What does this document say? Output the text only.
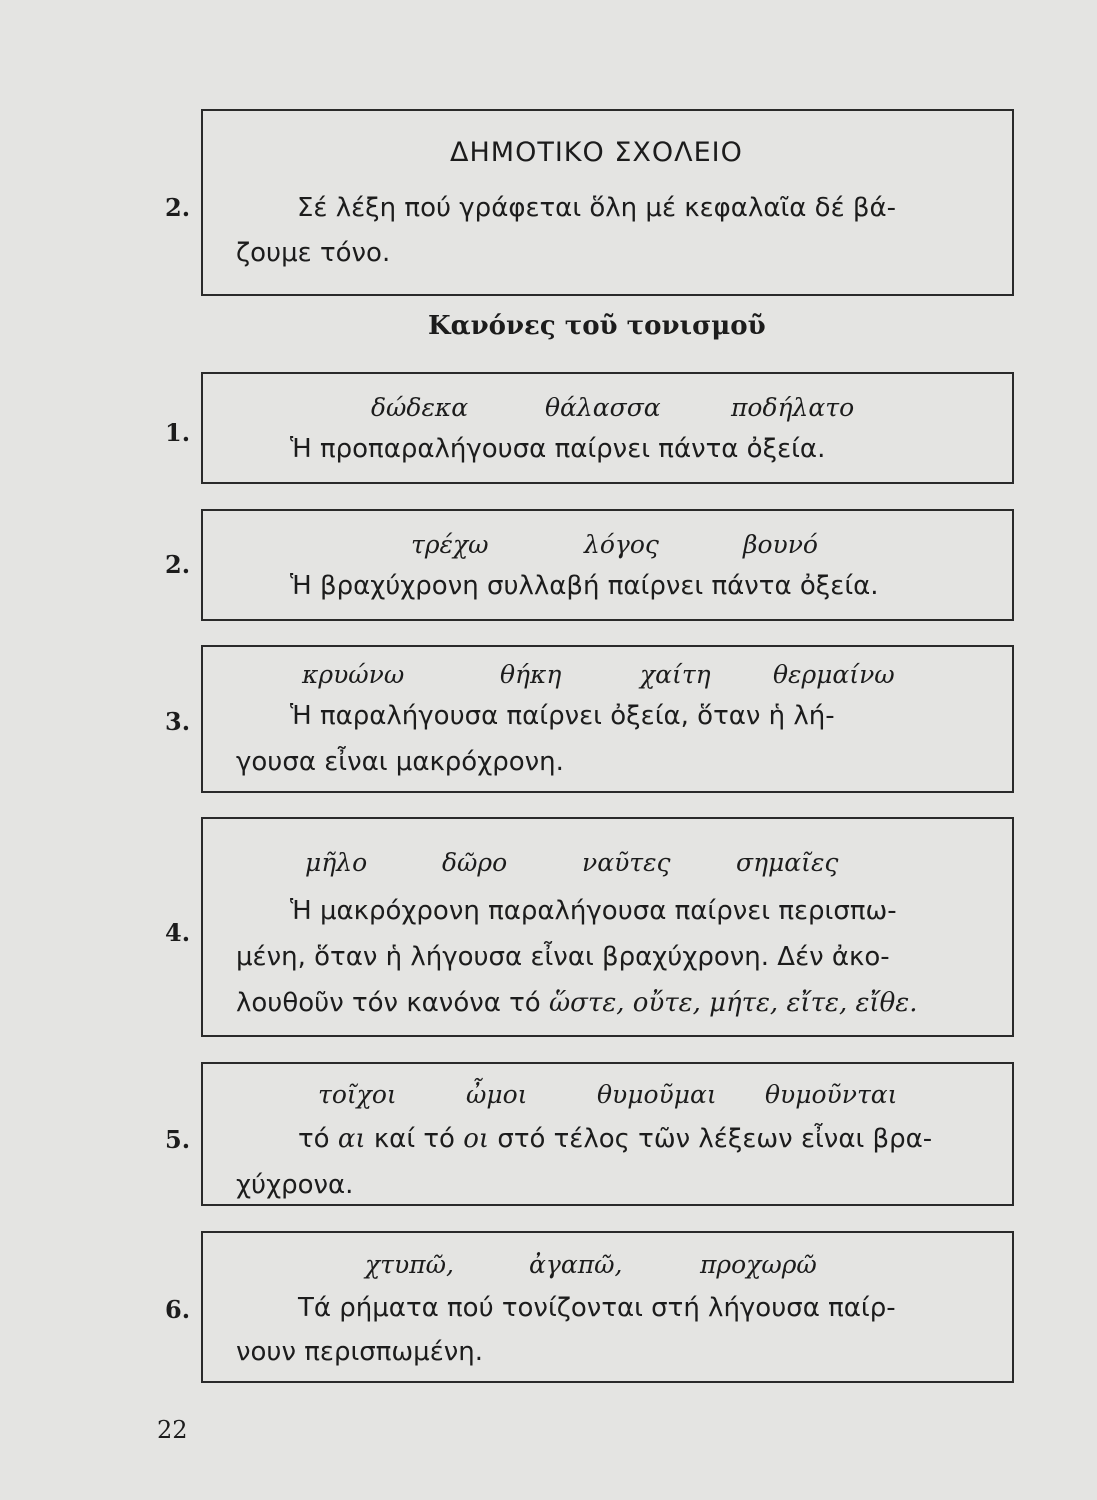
ΔΗΜΟΤΙΚΟ ΣΧΟΛΕΙΟ
2.	Σέ λέξη πού γράφεται ὅλη μέ κεφαλαῖα δέ βά-
ζουμε τόνο.
Κανόνες τοῦ τονισμοῦ
1.
δώδεκα	θάλασσα	ποδήλατο
Ἡ προπαραλήγουσα παίρνει πάντα ὀξεία.
2.
τρέχω	λόγος	βουνό
Ἡ βραχύχρονη συλλαβή παίρνει πάντα ὀξεία.
3.
κρυώνω	θήκη	χαίτη θερμαίνω
Ἡ παραλήγουσα παίρνει ὀξεία, ὅταν ἡ λή-
γουσα εἶναι μακρόχρονη.
4.
μῆλο	δῶρο	ναῦτες	σημαῖες
Ἡ μακρόχρονη παραλήγουσα παίρνει περισπω-
μένη, ὅταν ἡ λήγουσα εἶναι βραχύχρονη. Δέν ἀκο-
λουθοῦν τόν κανόνα τό ὥστε, οὔτε, μήτε, εἴτε, εἴθε.
5.
τοῖχοι	ὦμοι	θυμοῦμαι θυμοῦνται
τό αι καί τό οι στό τέλος τῶν λέξεων εἶναι βρα-
χύχρονα.
6.
χτυπῶ,	ἀγαπῶ,	προχωρῶ
Τά ρήματα πού τονίζονται στή λήγουσα παίρ-
νουν περισπωμένη.
22
